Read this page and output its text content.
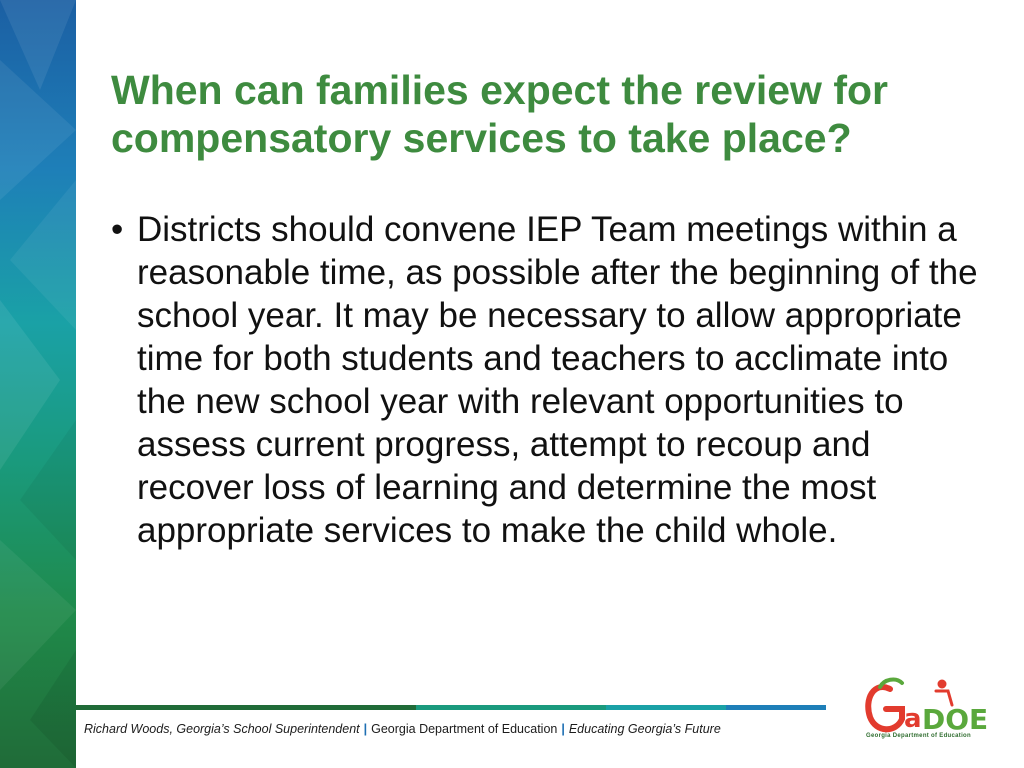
When can families expect the review for compensatory services to take place?
• Districts should convene IEP Team meetings within a reasonable time, as possible after the beginning of the school year. It may be necessary to allow appropriate time for both students and teachers to acclimate into the new school year with relevant opportunities to assess current progress, attempt to recoup and recover loss of learning and determine the most appropriate services to make the child whole.
Richard Woods, Georgia’s School Superintendent | Georgia Department of Education | Educating Georgia’s Future	a DOE
Georgia Department of Education
